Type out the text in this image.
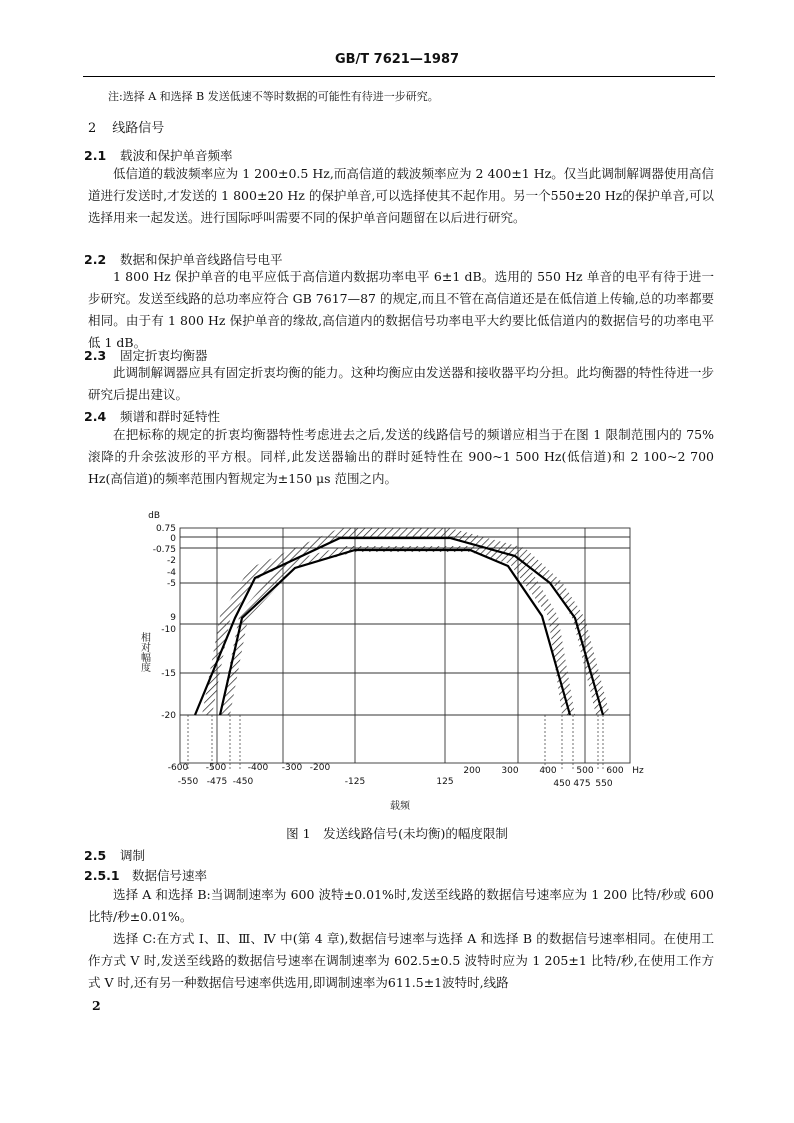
GB/T 7621—1987
注:选择 A 和选择 B 发送低速不等时数据的可能性有待进一步研究。
2 线路信号
2.1 载波和保护单音频率
低信道的载波频率应为 1 200±0.5 Hz,而高信道的载波频率应为 2 400±1 Hz。仅当此调制解调器使用高信道进行发送时,才发送的 1 800±20 Hz 的保护单音,可以选择使其不起作用。另一个550±20 Hz的保护单音,可以选择用来一起发送。进行国际呼叫需要不同的保护单音问题留在以后进行研究。
2.2 数据和保护单音线路信号电平
1 800 Hz 保护单音的电平应低于高信道内数据功率电平 6±1 dB。选用的 550 Hz 单音的电平有待于进一步研究。发送至线路的总功率应符合 GB 7617—87 的规定,而且不管在高信道还是在低信道上传输,总的功率都要相同。由于有 1 800 Hz 保护单音的缘故,高信道内的数据信号功率电平大约要比低信道内的数据信号的功率电平低 1 dB。
2.3 固定折衷均衡器
此调制解调器应具有固定折衷均衡的能力。这种均衡应由发送器和接收器平均分担。此均衡器的特性待进一步研究后提出建议。
2.4 频谱和群时延特性
在把标称的规定的折衷均衡器特性考虑进去之后,发送的线路信号的频谱应相当于在图 1 限制范围内的 75%滚降的升余弦波形的平方根。同样,此发送器输出的群时延特性在 900~1 500 Hz(低信道)和 2 100~2 700 Hz(高信道)的频率范围内暂规定为±150 μs 范围之内。
dB
0.75
0
-0.75
-2
-4
-5
9
-10
-15
-20
相对幅度
-600 -500 -400 -300 -200	200 300 400 500 600 Hz
-550 -475 -450	-125	125	450 475 550
载频
图 1　发送线路信号(未均衡)的幅度限制
2.5 调制
2.5.1 数据信号速率
选择 A 和选择 B:当调制速率为 600 波特±0.01%时,发送至线路的数据信号速率应为 1 200 比特/秒或 600 比特/秒±0.01%。
选择 C:在方式 Ⅰ、Ⅱ、Ⅲ、Ⅳ 中(第 4 章),数据信号速率与选择 A 和选择 B 的数据信号速率相同。在使用工作方式 Ⅴ 时,发送至线路的数据信号速率在调制速率为 602.5±0.5 波特时应为 1 205±1 比特/秒,在使用工作方式 Ⅴ 时,还有另一种数据信号速率供选用,即调制速率为611.5±1波特时,线路
2
